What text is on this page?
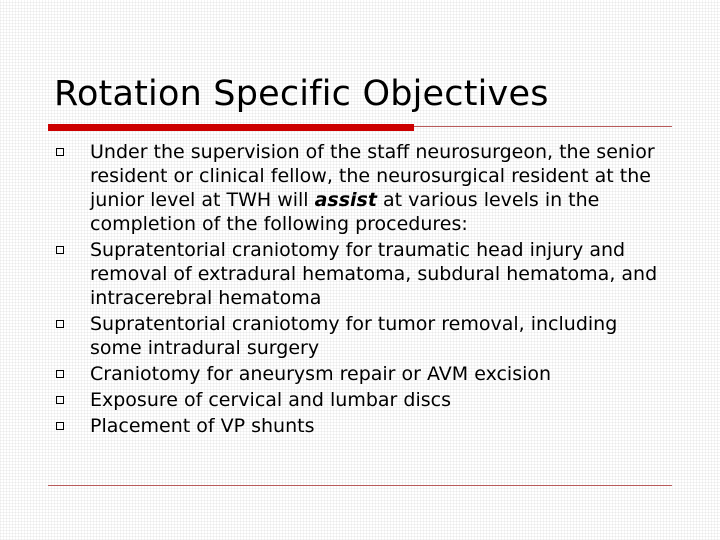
Rotation Specific Objectives
Under the supervision of the staff neurosurgeon, the senior resident or clinical fellow, the neurosurgical resident at the junior level at TWH will assist at various levels in the completion of the following procedures:
Supratentorial craniotomy for traumatic head injury and removal of extradural hematoma, subdural hematoma, and intracerebral hematoma
Supratentorial craniotomy for tumor removal, including some intradural surgery
Craniotomy for aneurysm repair or AVM excision
Exposure of cervical and lumbar discs
Placement of VP shunts
